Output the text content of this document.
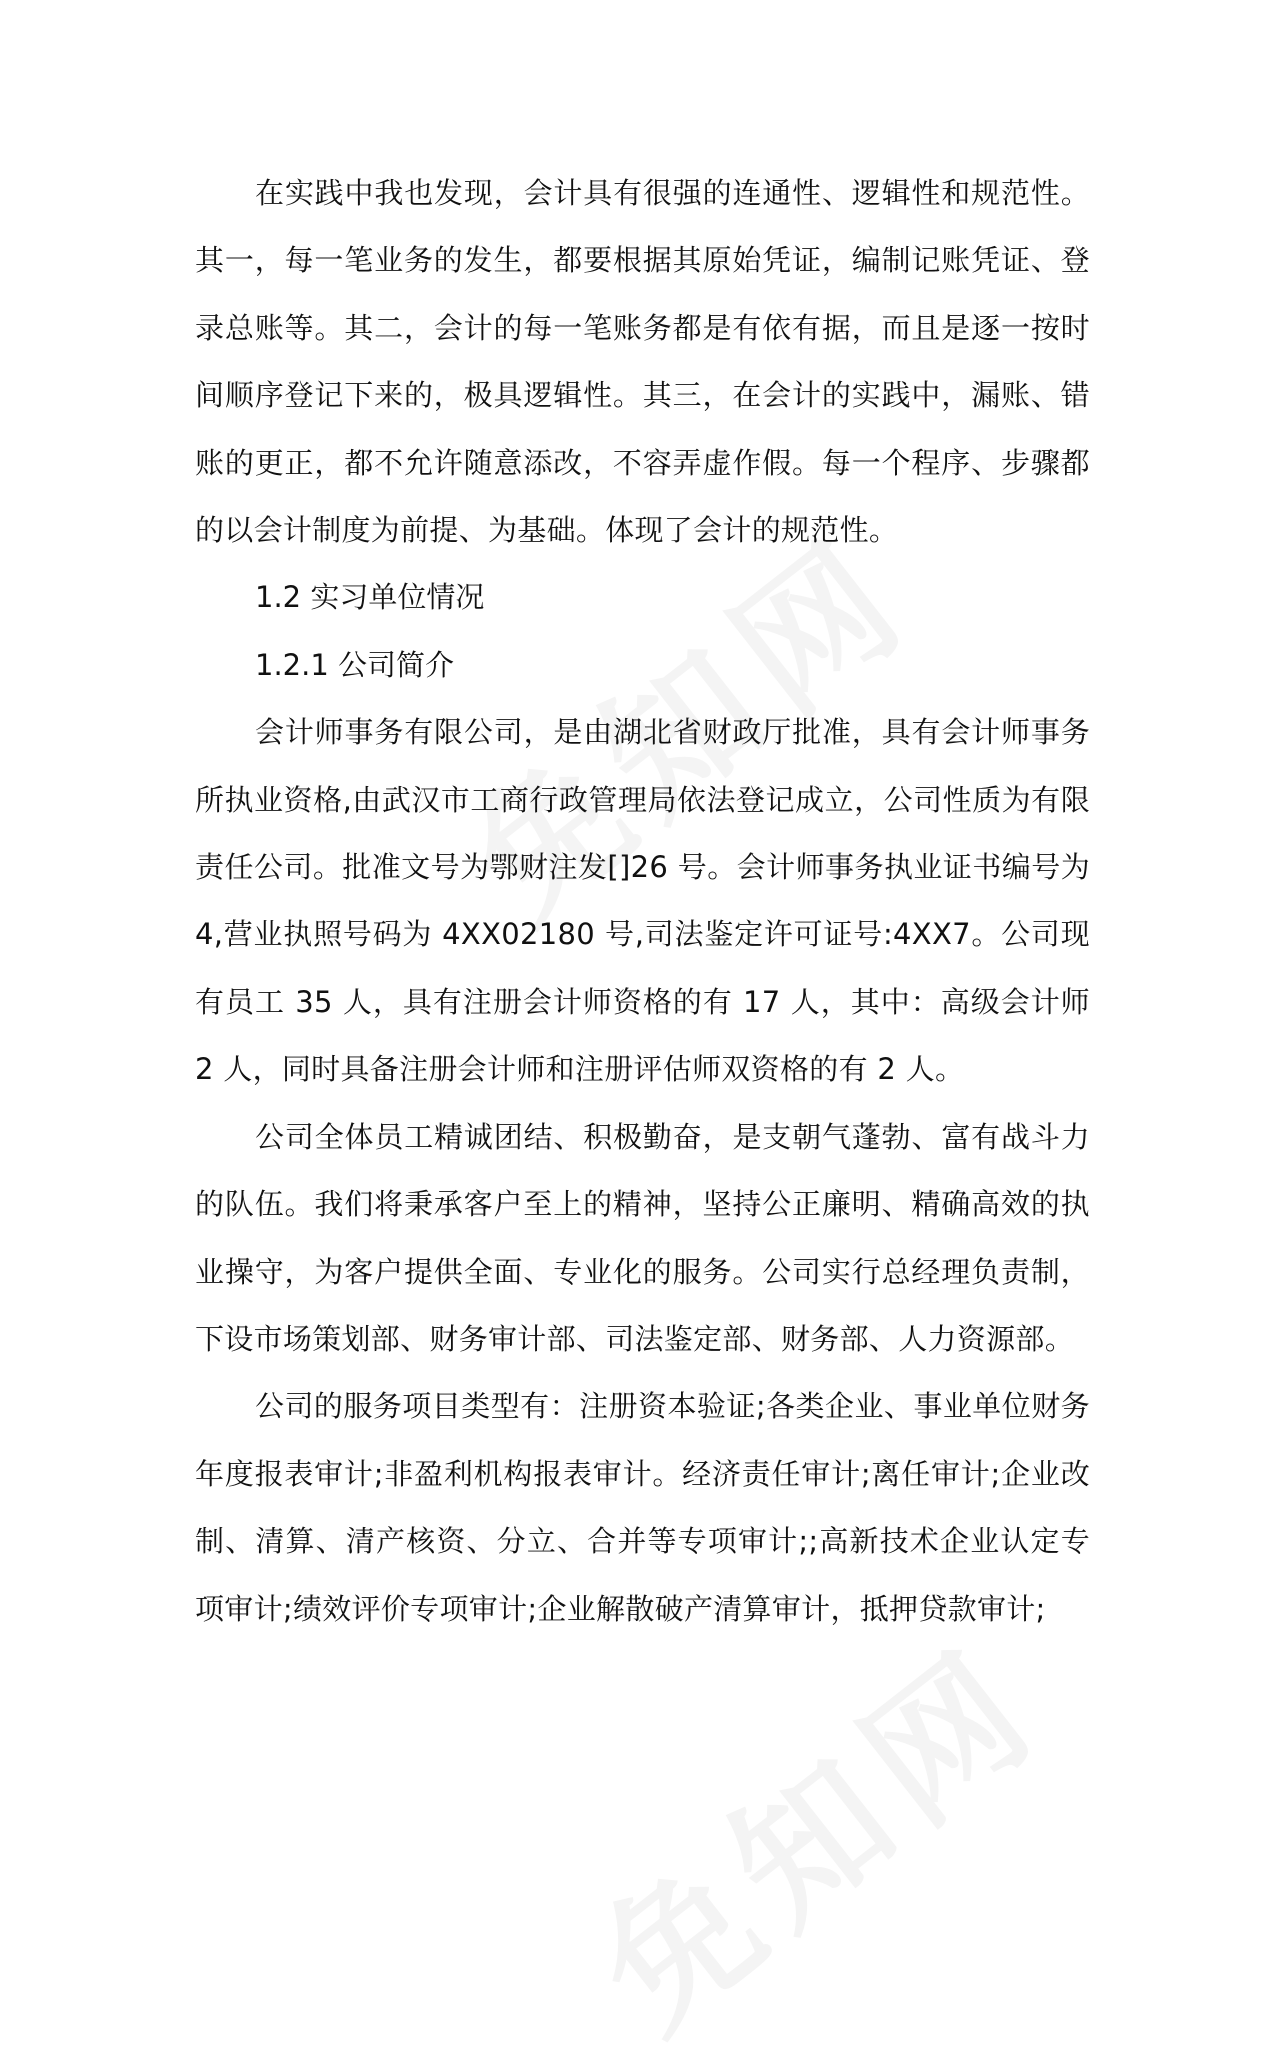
在实践中我也发现，会计具有很强的连通性、逻辑性和规范性。其一，每一笔业务的发生，都要根据其原始凭证，编制记账凭证、登录总账等。其二，会计的每一笔账务都是有依有据，而且是逐一按时间顺序登记下来的，极具逻辑性。其三，在会计的实践中，漏账、错账的更正，都不允许随意添改，不容弄虚作假。每一个程序、步骤都的以会计制度为前提、为基础。体现了会计的规范性。

1.2 实习单位情况

1.2.1 公司简介

会计师事务有限公司，是由湖北省财政厅批准，具有会计师事务所执业资格,由武汉市工商行政管理局依法登记成立，公司性质为有限责任公司。批准文号为鄂财注发[]26 号。会计师事务执业证书编号为 4,营业执照号码为 4XX02180 号,司法鉴定许可证号:4XX7。公司现有员工 35 人，具有注册会计师资格的有 17 人，其中：高级会计师 2 人，同时具备注册会计师和注册评估师双资格的有 2 人。

公司全体员工精诚团结、积极勤奋，是支朝气蓬勃、富有战斗力的队伍。我们将秉承客户至上的精神，坚持公正廉明、精确高效的执业操守，为客户提供全面、专业化的服务。公司实行总经理负责制，下设市场策划部、财务审计部、司法鉴定部、财务部、人力资源部。

公司的服务项目类型有：注册资本验证;各类企业、事业单位财务年度报表审计;非盈利机构报表审计。经济责任审计;离任审计;企业改制、清算、清产核资、分立、合并等专项审计;;高新技术企业认定专项审计;绩效评价专项审计;企业解散破产清算审计，抵押贷款审计;
